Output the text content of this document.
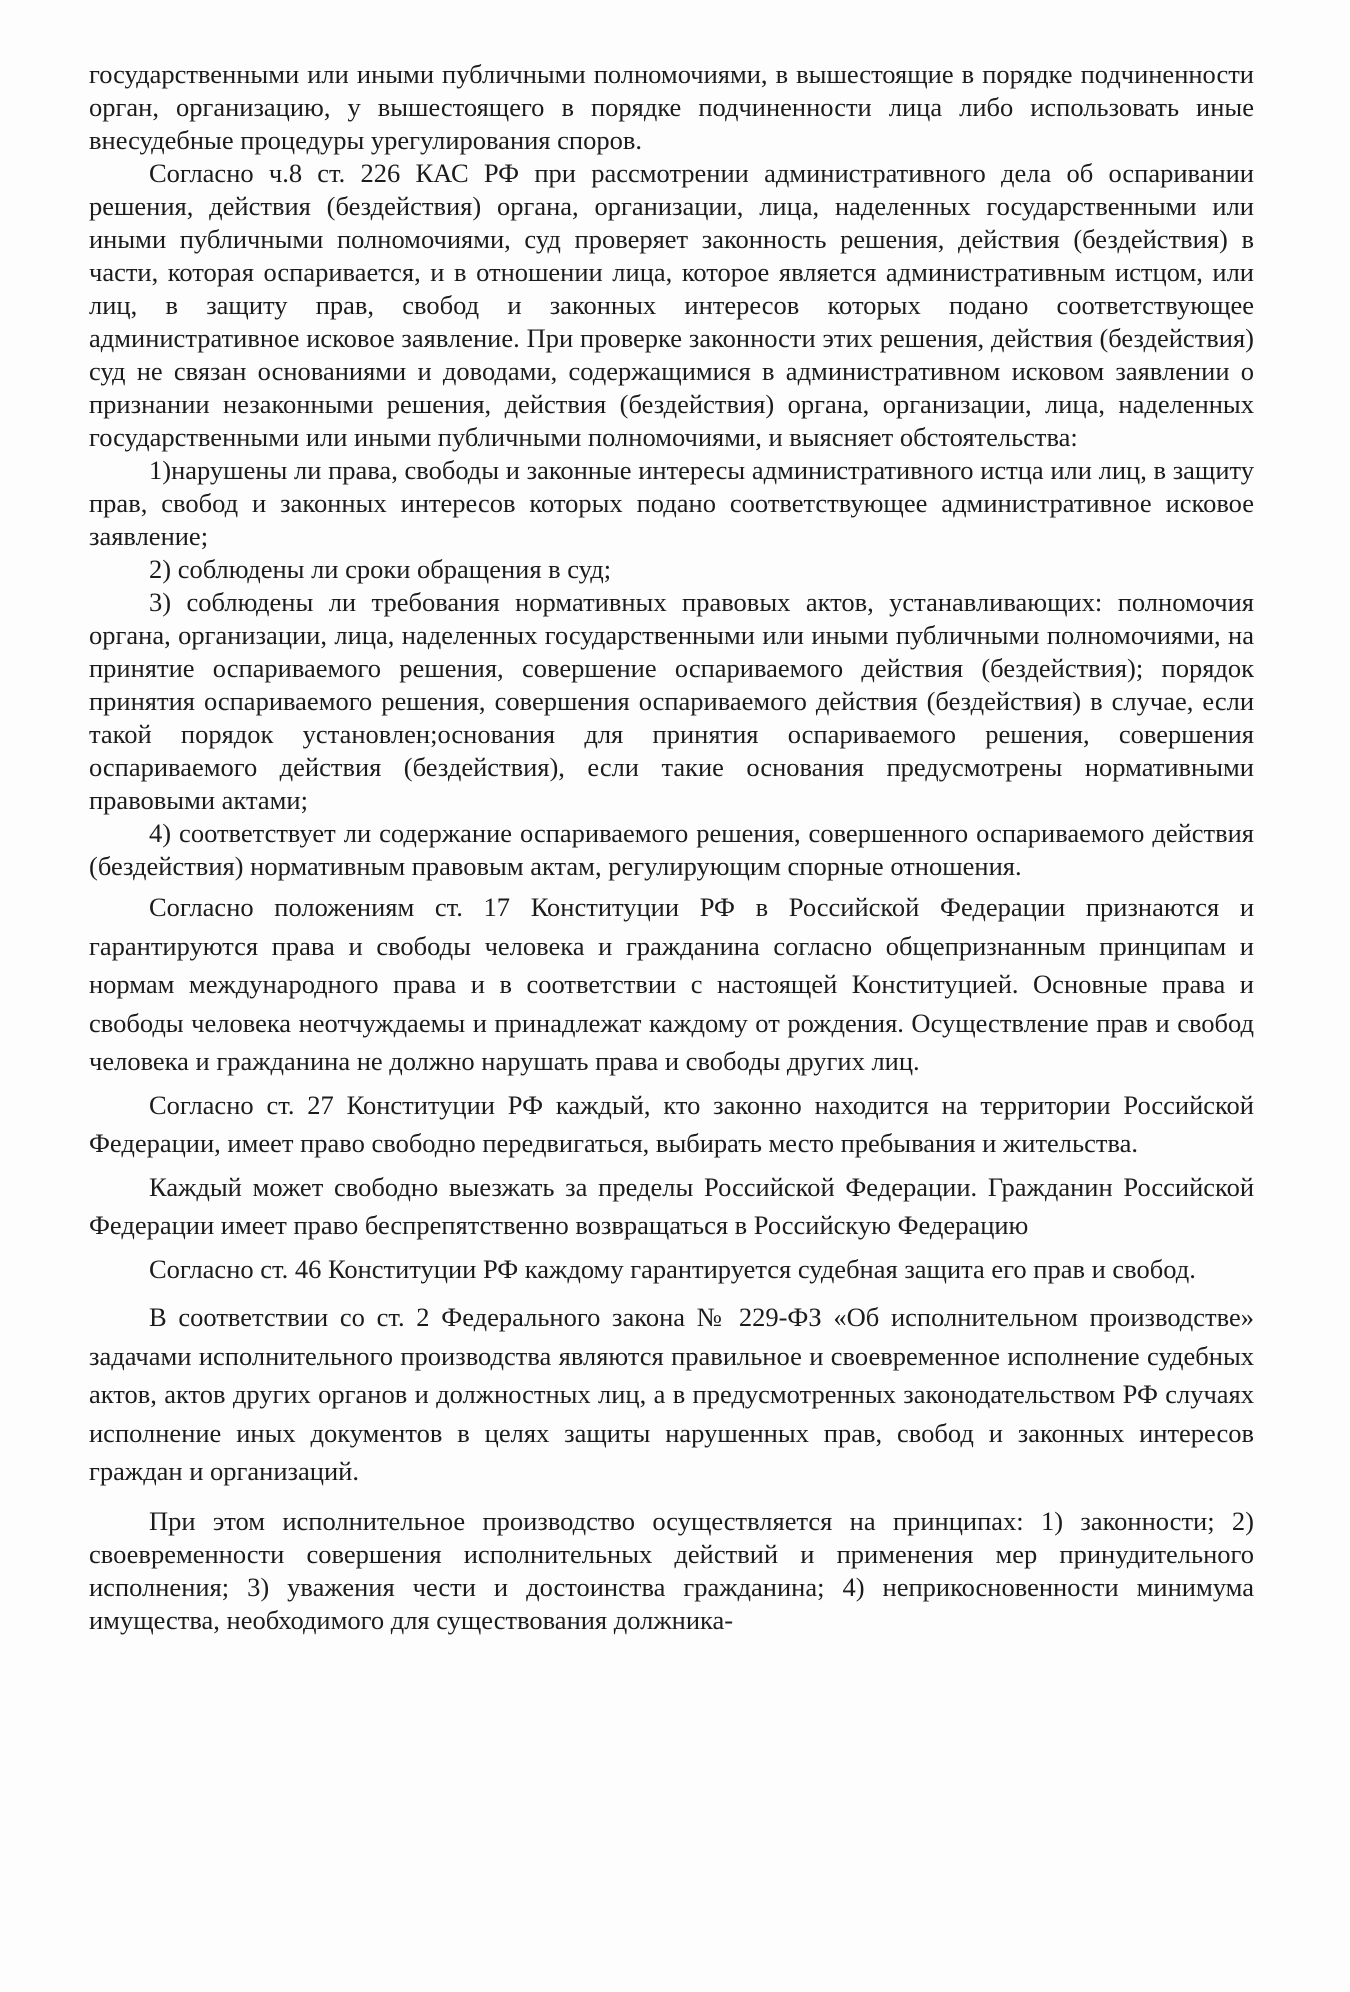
государственными или иными публичными полномочиями, в вышестоящие в порядке подчиненности орган, организацию, у вышестоящего в порядке подчиненности лица либо использовать иные внесудебные процедуры урегулирования споров.

Согласно ч.8 ст. 226 КАС РФ при рассмотрении административного дела об оспаривании решения, действия (бездействия) органа, организации, лица, наделенных государственными или иными публичными полномочиями, суд проверяет законность решения, действия (бездействия) в части, которая оспаривается, и в отношении лица, которое является административным истцом, или лиц, в защиту прав, свобод и законных интересов которых подано соответствующее административное исковое заявление. При проверке законности этих решения, действия (бездействия) суд не связан основаниями и доводами, содержащимися в административном исковом заявлении о признании незаконными решения, действия (бездействия) органа, организации, лица, наделенных государственными или иными публичными полномочиями, и выясняет обстоятельства:

1)нарушены ли права, свободы и законные интересы административного истца или лиц, в защиту прав, свобод и законных интересов которых подано соответствующее административное исковое заявление;

2) соблюдены ли сроки обращения в суд;

3) соблюдены ли требования нормативных правовых актов, устанавливающих: полномочия органа, организации, лица, наделенных государственными или иными публичными полномочиями, на принятие оспариваемого решения, совершение оспариваемого действия (бездействия); порядок принятия оспариваемого решения, совершения оспариваемого действия (бездействия) в случае, если такой порядок установлен;основания для принятия оспариваемого решения, совершения оспариваемого действия (бездействия), если такие основания предусмотрены нормативными правовыми актами;

4) соответствует ли содержание оспариваемого решения, совершенного оспариваемого действия (бездействия) нормативным правовым актам, регулирующим спорные отношения.

Согласно положениям ст. 17 Конституции РФ в Российской Федерации признаются и гарантируются права и свободы человека и гражданина согласно общепризнанным принципам и нормам международного права и в соответствии с настоящей Конституцией. Основные права и свободы человека неотчуждаемы и принадлежат каждому от рождения. Осуществление прав и свобод человека и гражданина не должно нарушать права и свободы других лиц.

Согласно ст. 27 Конституции РФ каждый, кто законно находится на территории Российской Федерации, имеет право свободно передвигаться, выбирать место пребывания и жительства.

Каждый может свободно выезжать за пределы Российской Федерации. Гражданин Российской Федерации имеет право беспрепятственно возвращаться в Российскую Федерацию

Согласно ст. 46 Конституции РФ каждому гарантируется судебная защита его прав и свобод.

В соответствии со ст. 2 Федерального закона № 229-ФЗ «Об исполнительном производстве» задачами исполнительного производства являются правильное и своевременное исполнение судебных актов, актов других органов и должностных лиц, а в предусмотренных законодательством РФ случаях исполнение иных документов в целях защиты нарушенных прав, свобод и законных интересов граждан и организаций.

При этом исполнительное производство осуществляется на принципах: 1) законности; 2) своевременности совершения исполнительных действий и применения мер принудительного исполнения; 3) уважения чести и достоинства гражданина; 4) неприкосновенности минимума имущества, необходимого для существования должника-
